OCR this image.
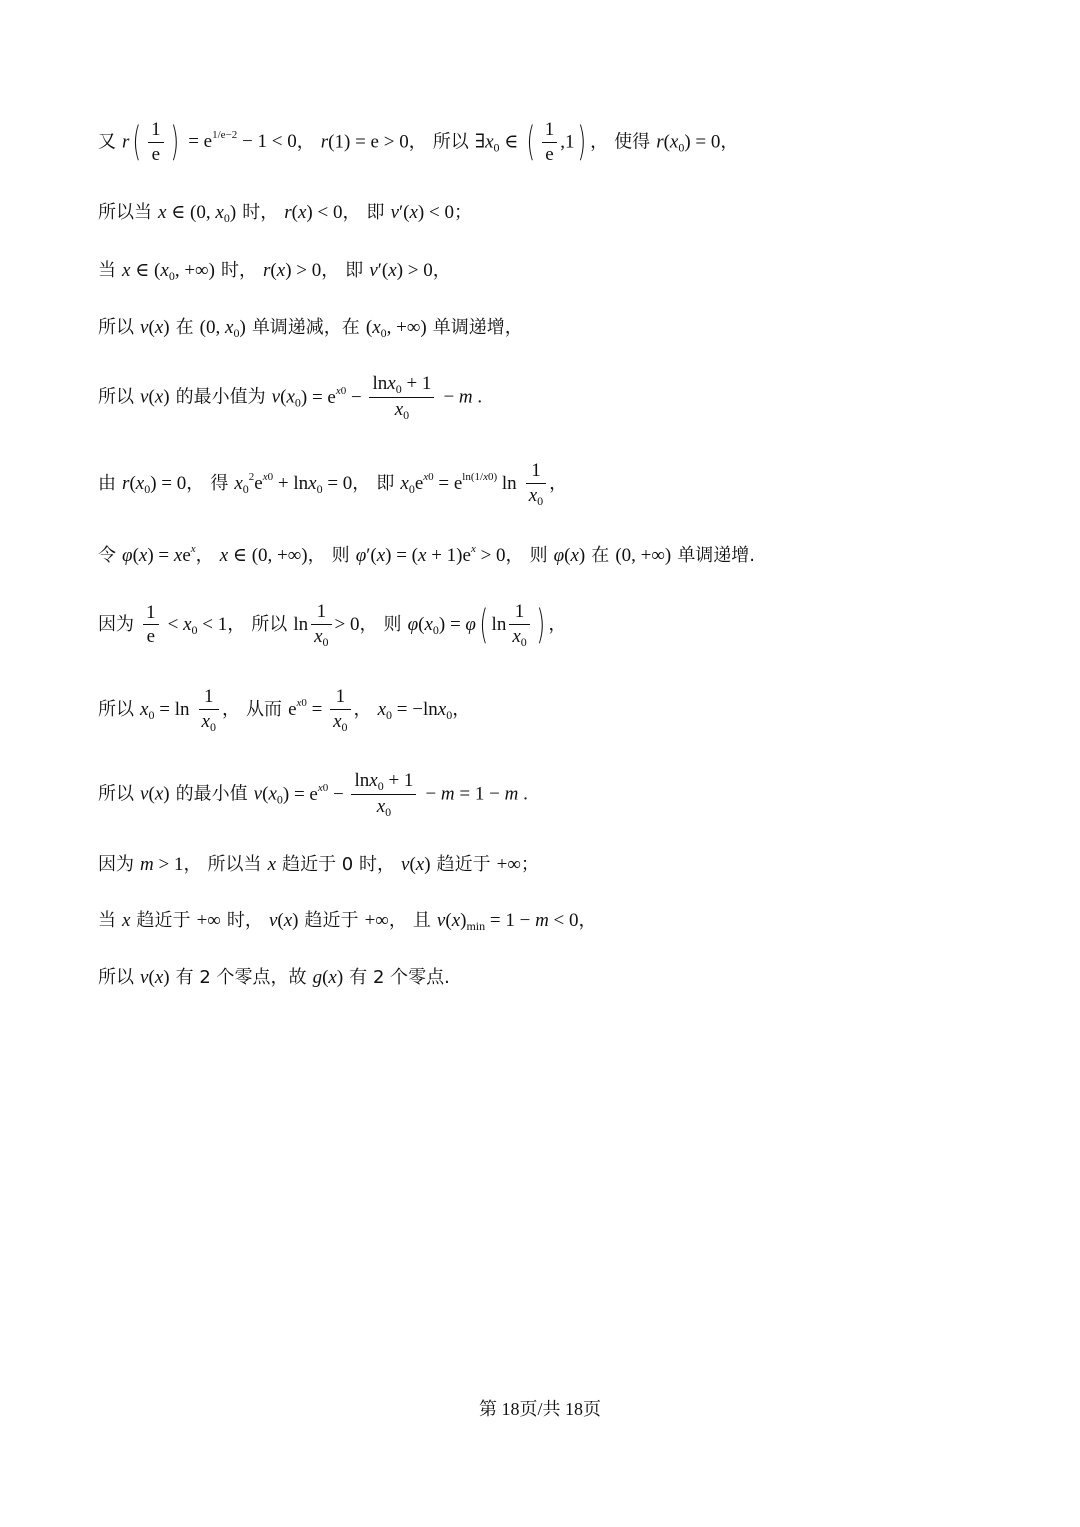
又 $r( \frac{1}{e}$ ) = $e^{1/e-2} - 1 < 0$， r(1) = e > 0， 所以 $\exists x_0$ ∈ ( $\frac{1}{e} ,1$) ， 使得 $r(x_0) = 0$，
所以当 x ∈ (0, $x_0$) 时， r(x) < 0， 即 v′(x) < 0；
当 x ∈ ($x_0$, +∞) 时， r(x) > 0， 即 v′(x) > 0，
所以 v(x) 在 (0, $x_0$) 单调递减，在 ($x_0$, +∞) 单调递增，
所以 v(x) 的最小值为 $v(x_0) = e^{x0} - \frac{\ln x_0 + 1}{x_0} - m$ .
由 $r(x_0) = 0$， 得 $x_0^2e^{x0} + \ln x_0 = 0$， 即 $x_0e^{x0} = e^{ln(1/x0)}$ $\ln \frac{1}{x_0}$ ，
令 $\varphi(x) = xe^x$， x ∈ (0, +∞)， 则 $\varphi'(x) = (x + 1)e^x > 0$， 则 φ(x) 在 (0, +∞) 单调递增.
因为 $\frac{1}{e} < x_0 < 1$， 所以 $\ln \frac{1}{x_0} > 0$， 则 $\varphi(x_0) = \varphi$( $\ln \frac{1}{x_0}$ ) ，
所以 $x_0 = \ln \frac{1}{x_0}$ ， 从而 $e^{x0} = \frac{1}{x_0}$ ， $x_0 = -\ln x_0$，
所以 v(x) 的最小值 $v(x_0) = e^{x0} - \frac{\ln x_0 + 1}{x_0} - m = 1 - m$ .
因为 m > 1， 所以当 x 趋近于 0 时， v(x) 趋近于 +∞；
当 x 趋近于 +∞ 时， v(x) 趋近于 +∞， 且 $v(x)_{min} = 1 - m < 0$，
所以 v(x) 有 2 个零点，故 g(x) 有 2 个零点.
第 18页/共 18页
